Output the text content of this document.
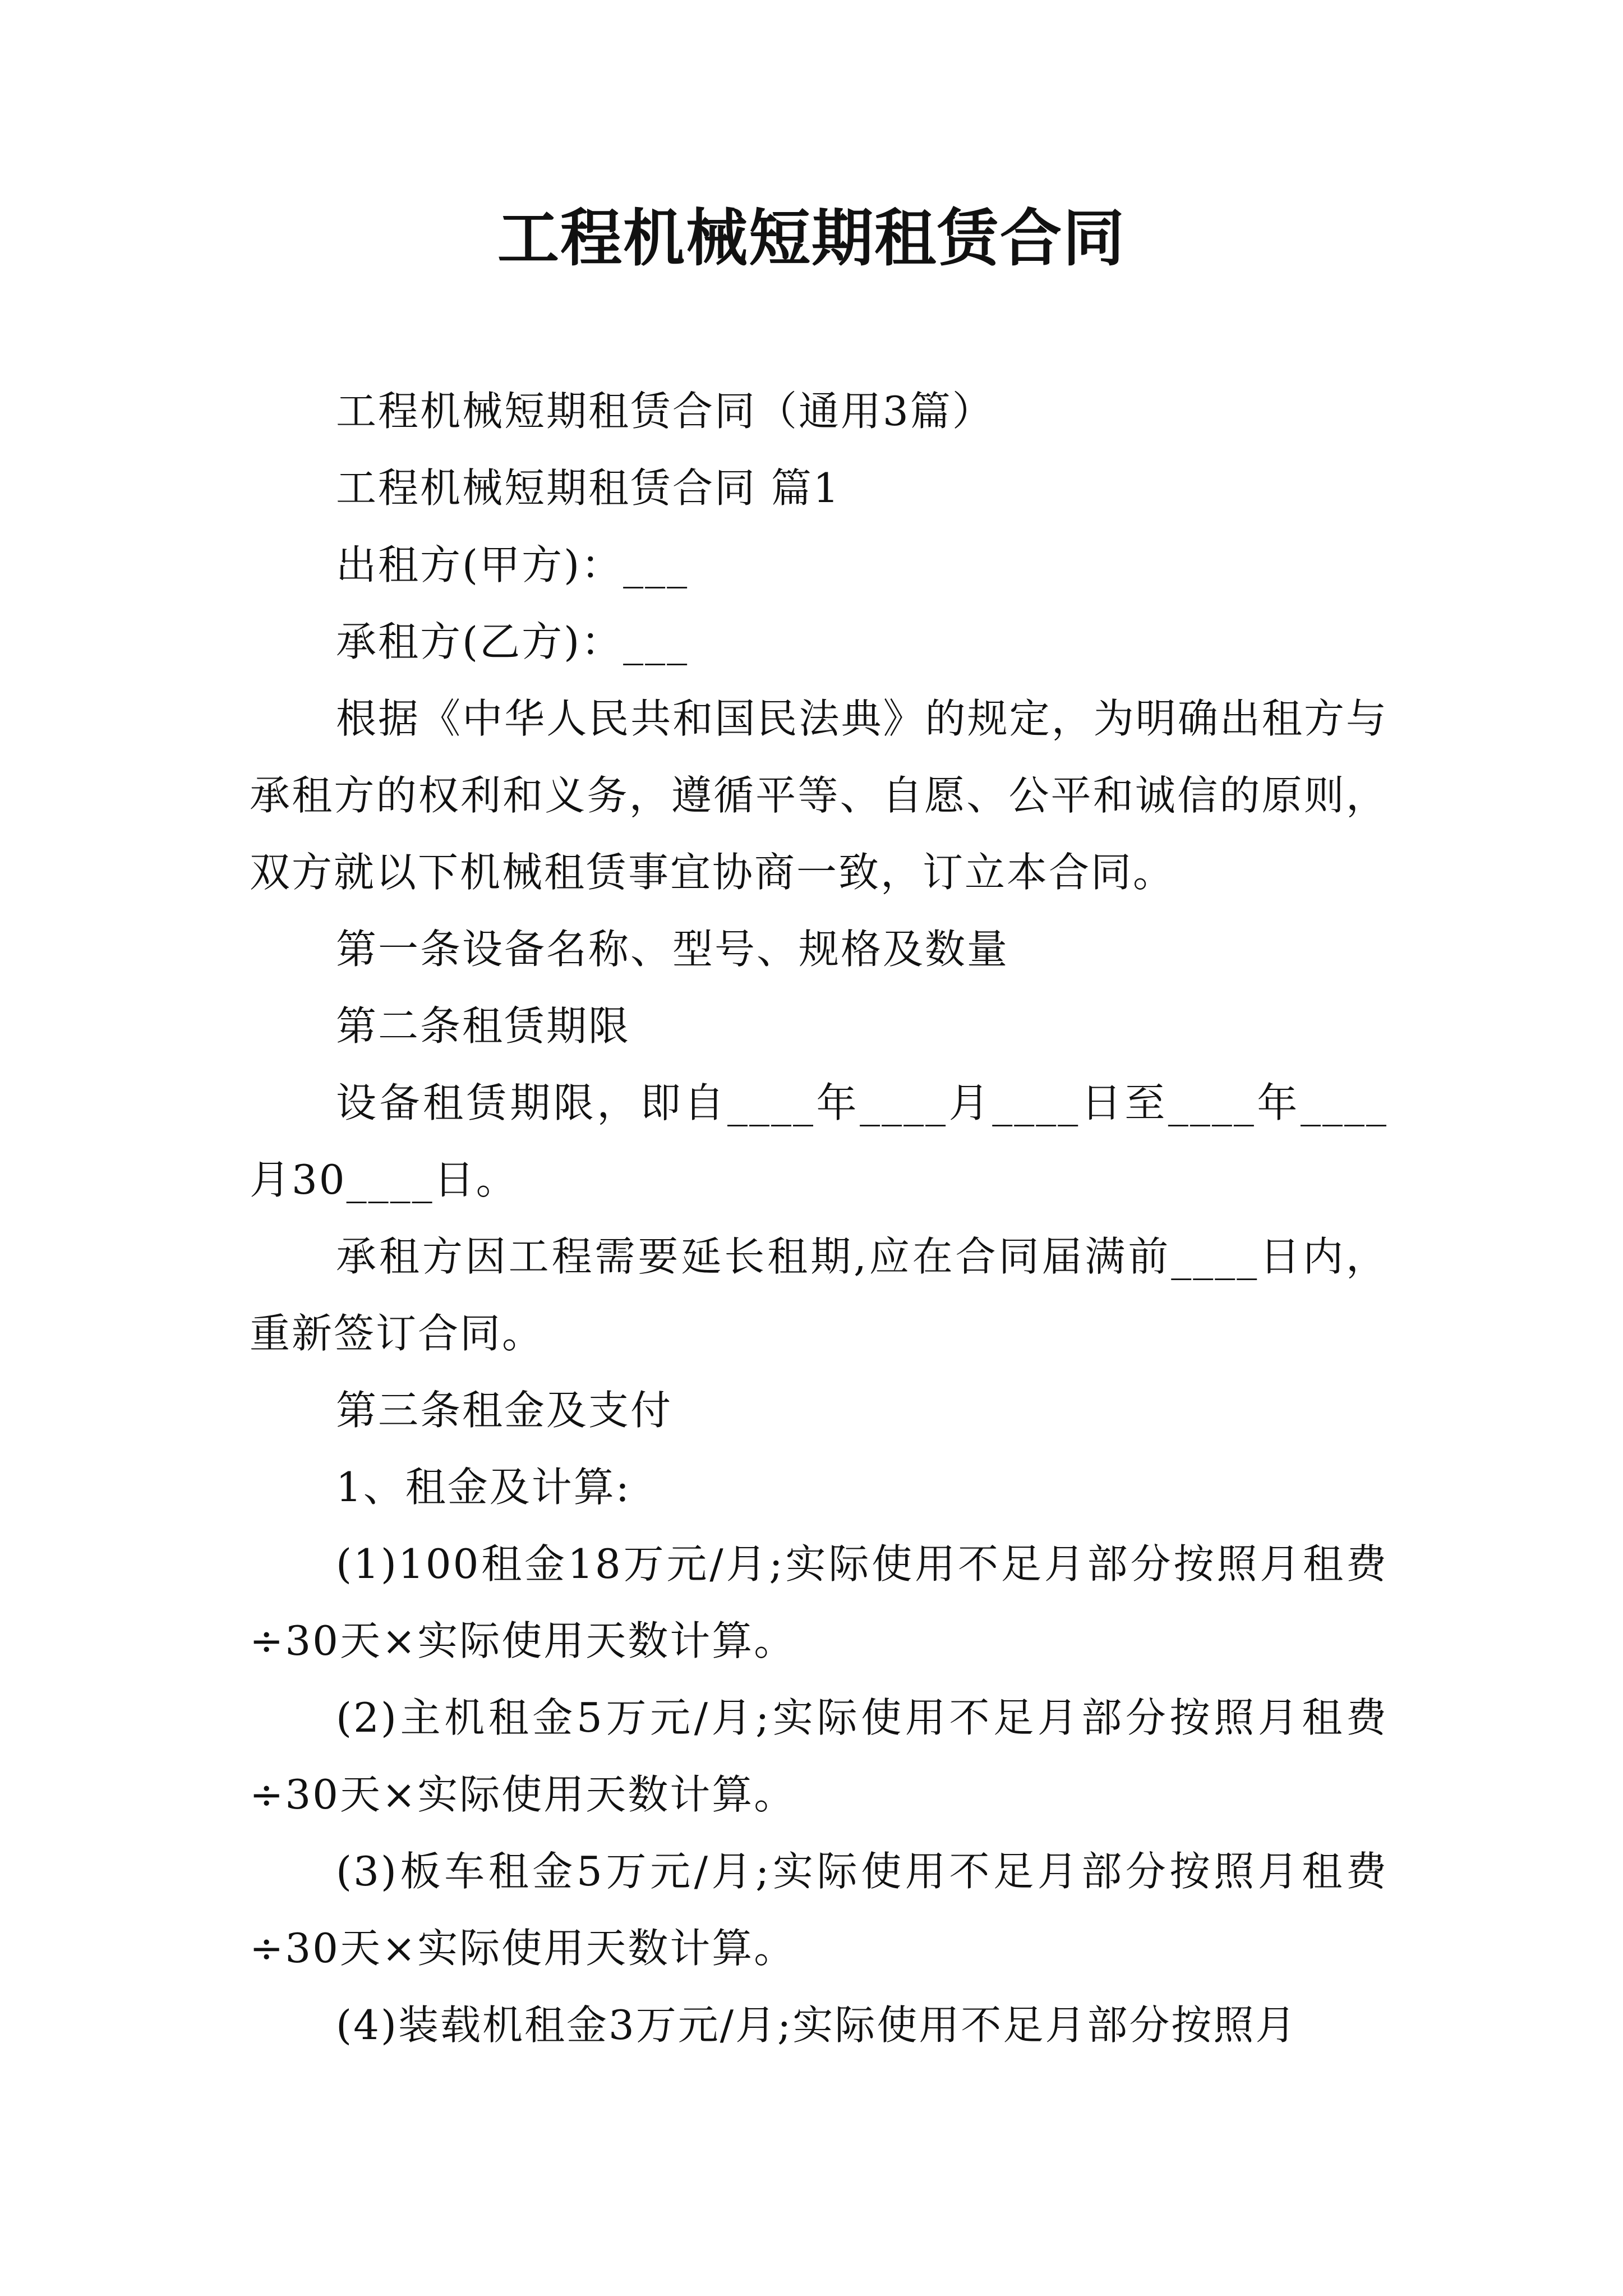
工程机械短期租赁合同

工程机械短期租赁合同（通用3篇）

工程机械短期租赁合同 篇1

出租方(甲方)：___

承租方(乙方)：___

根据《中华人民共和国民法典》的规定，为明确出租方与承租方的权利和义务，遵循平等、自愿、公平和诚信的原则，双方就以下机械租赁事宜协商一致，订立本合同。

第一条设备名称、型号、规格及数量

第二条租赁期限

设备租赁期限，即自____年____月____日至____年____月30____日。

承租方因工程需要延长租期,应在合同届满前____日内，重新签订合同。

第三条租金及支付

1、租金及计算:

(1)100租金18万元/月;实际使用不足月部分按照月租费÷30天×实际使用天数计算。

(2)主机租金5万元/月;实际使用不足月部分按照月租费÷30天×实际使用天数计算。

(3)板车租金5万元/月;实际使用不足月部分按照月租费÷30天×实际使用天数计算。

(4)装载机租金3万元/月;实际使用不足月部分按照月
